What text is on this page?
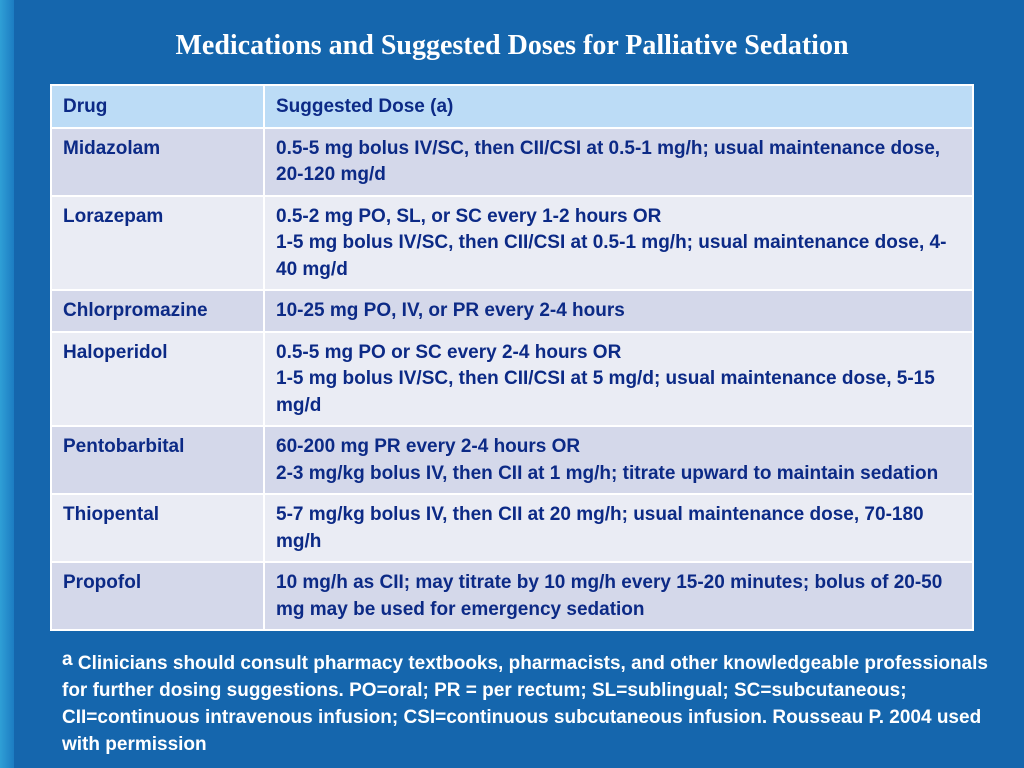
Medications and Suggested Doses for Palliative Sedation
Drug	Suggested Dose (a)
Midazolam	0.5-5 mg bolus IV/SC, then CII/CSI at 0.5-1 mg/h; usual maintenance dose, 20-120 mg/d

Lorazepam	0.5-2 mg PO, SL, or SC every 1-2 hours OR
1-5 mg bolus IV/SC, then CII/CSI at 0.5-1 mg/h; usual maintenance dose, 4-40 mg/d

Chlorpromazine	10-25 mg PO, IV, or PR every 2-4 hours

Haloperidol	0.5-5 mg PO or SC every 2-4 hours OR
1-5 mg bolus IV/SC, then CII/CSI at 5 mg/d; usual maintenance dose, 5-15 mg/d

Pentobarbital	60-200 mg PR every 2-4 hours OR
2-3 mg/kg bolus IV, then CII at 1 mg/h; titrate upward to maintain sedation

Thiopental	5-7 mg/kg bolus IV, then CII at 20 mg/h; usual maintenance dose, 70-180 mg/h

Propofol	10 mg/h as CII; may titrate by 10 mg/h every 15-20 minutes; bolus of 20-50 mg may be used for emergency sedation

$^a$ Clinicians should consult pharmacy textbooks, pharmacists, and other knowledgeable professionals for further dosing suggestions. PO=oral; PR = per rectum; SL=sublingual; SC=subcutaneous; CII=continuous intravenous infusion; CSI=continuous subcutaneous infusion. Rousseau P. 2004 used with permission
